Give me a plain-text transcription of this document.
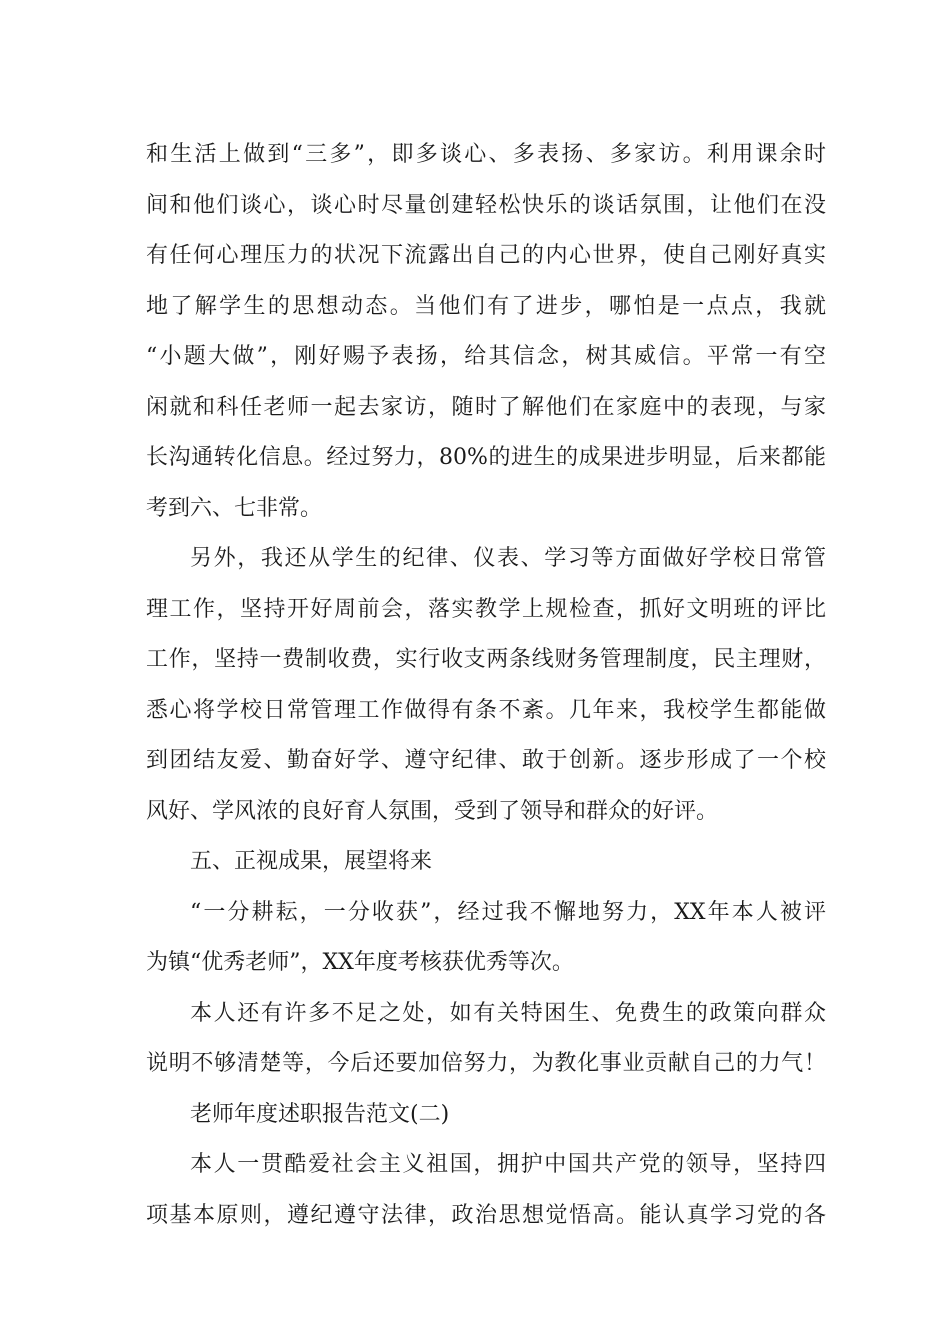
和生活上做到“三多”，即多谈心、多表扬、多家访。利用课余时
间和他们谈心，谈心时尽量创建轻松快乐的谈话氛围，让他们在没
有任何心理压力的状况下流露出自己的内心世界，使自己刚好真实
地了解学生的思想动态。当他们有了进步，哪怕是一点点，我就
“小题大做”，刚好赐予表扬，给其信念，树其威信。平常一有空
闲就和科任老师一起去家访，随时了解他们在家庭中的表现，与家
长沟通转化信息。经过努力，80%的进生的成果进步明显，后来都能
考到六、七非常。
另外，我还从学生的纪律、仪表、学习等方面做好学校日常管
理工作，坚持开好周前会，落实教学上规检查，抓好文明班的评比
工作，坚持一费制收费，实行收支两条线财务管理制度，民主理财，
悉心将学校日常管理工作做得有条不紊。几年来，我校学生都能做
到团结友爱、勤奋好学、遵守纪律、敢于创新。逐步形成了一个校
风好、学风浓的良好育人氛围，受到了领导和群众的好评。
五、正视成果，展望将来
“一分耕耘，一分收获”，经过我不懈地努力，XX年本人被评
为镇“优秀老师”，XX年度考核获优秀等次。
本人还有许多不足之处，如有关特困生、免费生的政策向群众
说明不够清楚等，今后还要加倍努力，为教化事业贡献自己的力气！
老师年度述职报告范文(二)
本人一贯酷爱社会主义祖国，拥护中国共产党的领导，坚持四
项基本原则，遵纪遵守法律，政治思想觉悟高。能认真学习党的各
